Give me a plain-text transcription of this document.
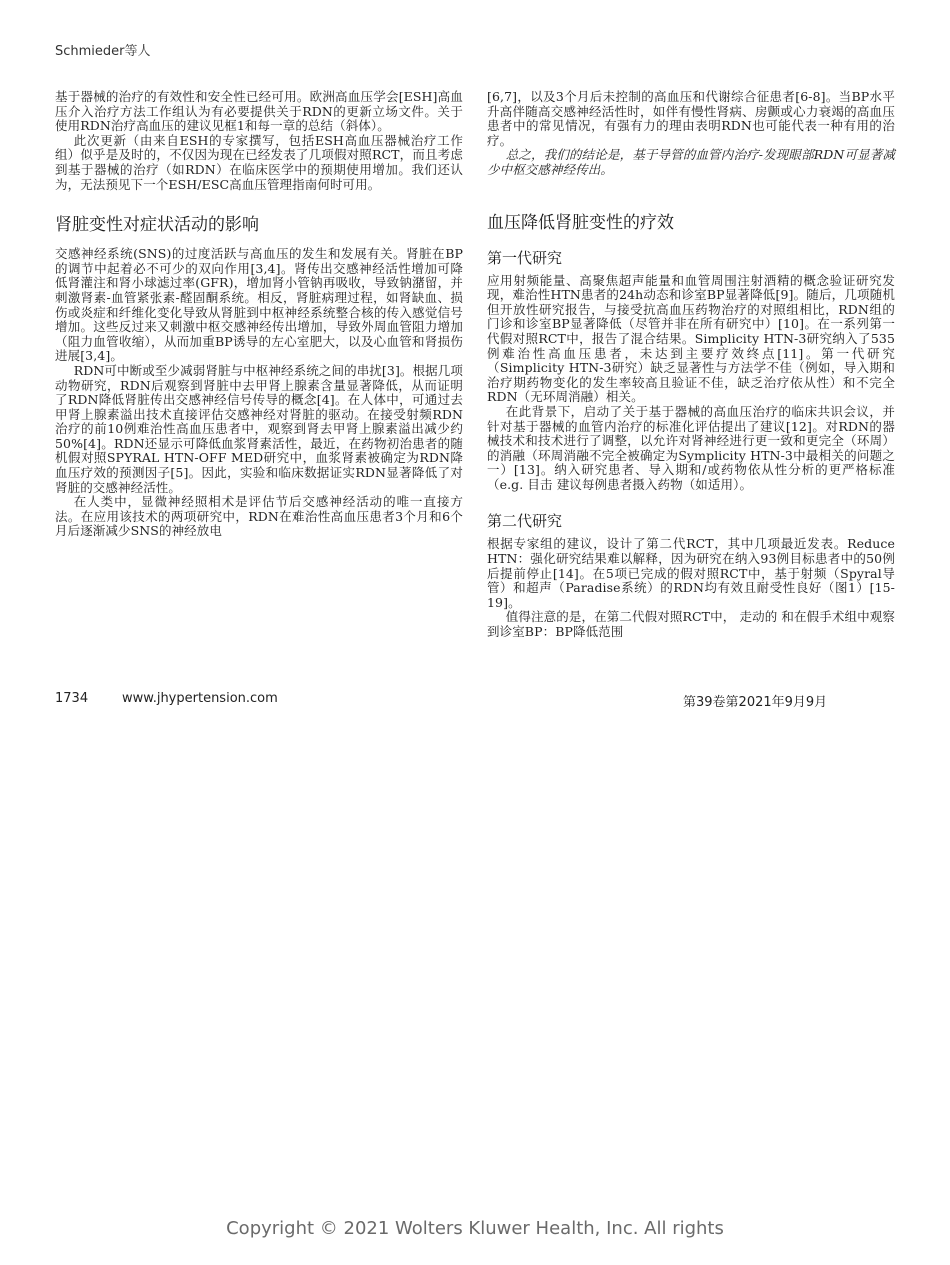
Schmieder等人

基于器械的治疗的有效性和安全性已经可用。欧洲高血压学会[ESH]高血压介入治疗方法工作组认为有必要提供关于RDN的更新立场文件。关于使用RDN治疗高血压的建议见框1和每一章的总结（斜体）。

此次更新（由来自ESH的专家撰写，包括ESH高血压器械治疗工作组）似乎是及时的，不仅因为现在已经发表了几项假对照RCT，而且考虑到基于器械的治疗（如RDN）在临床医学中的预期使用增加。我们还认为，无法预见下一个ESH/ESC高血压管理指南何时可用。

肾脏变性对症状活动的影响

交感神经系统(SNS)的过度活跃与高血压的发生和发展有关。肾脏在BP的调节中起着必不可少的双向作用[3,4]。肾传出交感神经活性增加可降低肾灌注和肾小球滤过率(GFR)，增加肾小管钠再吸收，导致钠潴留，并刺激肾素-血管紧张素-醛固酮系统。相反，肾脏病理过程，如肾缺血、损伤或炎症和纤维化变化导致从肾脏到中枢神经系统整合核的传入感觉信号增加。这些反过来又刺激中枢交感神经传出增加，导致外周血管阻力增加（阻力血管收缩），从而加重BP诱导的左心室肥大，以及心血管和肾损伤进展[3,4]。

RDN可中断或至少减弱肾脏与中枢神经系统之间的串扰[3]。根据几项动物研究，RDN后观察到肾脏中去甲肾上腺素含量显著降低，从而证明了RDN降低肾脏传出交感神经信号传导的概念[4]。在人体中，可通过去甲肾上腺素溢出技术直接评估交感神经对肾脏的驱动。在接受射频RDN治疗的前10例难治性高血压患者中，观察到肾去甲肾上腺素溢出减少约50%[4]。RDN还显示可降低血浆肾素活性，最近，在药物初治患者的随机假对照SPYRAL HTN-OFF MED研究中，血浆肾素被确定为RDN降血压疗效的预测因子[5]。因此，实验和临床数据证实RDN显著降低了对肾脏的交感神经活性。

在人类中，显微神经照相术是评估节后交感神经活动的唯一直接方法。在应用该技术的两项研究中，RDN在难治性高血压患者3个月和6个月后逐渐减少SNS的神经放电

[6,7]，以及3个月后未控制的高血压和代谢综合征患者[6-8]。当BP水平升高伴随高交感神经活性时，如伴有慢性肾病、房颤或心力衰竭的高血压患者中的常见情况，有强有力的理由表明RDN也可能代表一种有用的治疗。

总之，我们的结论是，基于导管的血管内治疗-发现眼部RDN可显著减少中枢交感神经传出。

血压降低肾脏变性的疗效
第一代研究

应用射频能量、高聚焦超声能量和血管周围注射酒精的概念验证研究发现，难治性HTN患者的24h动态和诊室BP显著降低[9]。随后，几项随机但开放性研究报告，与接受抗高血压药物治疗的对照组相比，RDN组的门诊和诊室BP显著降低（尽管并非在所有研究中）[10]。在一系列第一代假对照RCT中，报告了混合结果。Simplicity HTN-3研究纳入了535例难治性高血压患者，未达到主要疗效终点[11]。第一代研究（Simplicity HTN-3研究）缺乏显著性与方法学不佳（例如，导入期和治疗期药物变化的发生率较高且验证不佳，缺乏治疗依从性）和不完全RDN（无环周消融）相关。

在此背景下，启动了关于基于器械的高血压治疗的临床共识会议，并针对基于器械的血管内治疗的标准化评估提出了建议[12]。对RDN的器械技术和技术进行了调整，以允许对肾神经进行更一致和更完全（环周）的消融（环周消融不完全被确定为Symplicity HTN-3中最相关的问题之一）[13]。纳入研究患者、导入期和/或药物依从性分析的更严格标准 （e.g. 目击 建议每例患者摄入药物（如适用）。

第二代研究

根据专家组的建议，设计了第二代RCT，其中几项最近发表。Reduce HTN：强化研究结果难以解释，因为研究在纳入93例目标患者中的50例后提前停止[14]。在5项已完成的假对照RCT中，基于射频（Spyral导管）和超声（Paradise系统）的RDN均有效且耐受性良好（图1）[15-19]。

值得注意的是，在第二代假对照RCT中， 走动的 和在假手术组中观察到诊室BP：BP降低范围

1734	www.jhypertension.com	第39卷第2021年9月9月
Copyright © 2021 Wolters Kluwer Health, Inc. All rights
